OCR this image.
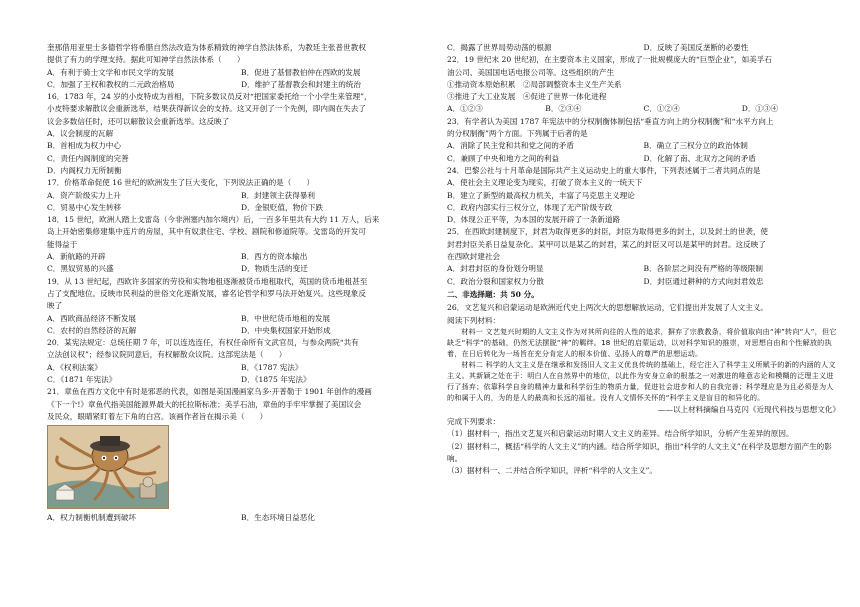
奎那借用亚里士多德哲学将希腊自然法改造为体系精致的神学自然法体系，为教廷主张普世教权

提供了有力的学理支持。据此可知神学自然法体系（　　）

A．有利于骑士文学和市民文学的发展	B．促进了基督教伯仲在西欧的发展
C．加强了王权和教权的二元政治格局	D．维护了基督教会和封建主的统治

16．1783 年，24 岁的小皮特成为首相，下院多数议员反对“把国家委托给一个小学生来管理”，

小皮特要求解散议会重新选举，结果获得新议会的支持。这又开创了一个先例，即内阁在失去了

议会多数信任时，还可以解散议会重新选举。这反映了

A．议会制度的瓦解

B．首相成为权力中心

C．责任内阁制度的完善

D．内阁权力无所制衡

17．价格革命促使 16 世纪的欧洲发生了巨大变化，下列说法正确的是（　　）

A．资产阶级实力上升	B．封建领主获得暴利
C．贸易中心发生转移	D．金银贬值，物价下跌

18．15 世纪，欧洲人踏上戈雷岛（今非洲塞内加尔境内）后，一百多年里共有大约 11 万人，后来

岛上开始密集修建集中连片的房屋，其中有奴隶住宅、学校、剧院和修道院等。戈雷岛的开发可

能得益于

A．新航路的开辟	B．西方的资本输出
C．黑奴贸易的兴盛	D．物质生活的变迁

19．从 13 世纪起，西欧许多国家的劳役和实物地租逐渐被货币地租取代，英国的货币地租甚至

占了支配地位。反映市民利益的世俗文化逐渐发展，睿名论哲学和罗马法开始复兴。这些现象反

映了

A．西欧商品经济不断发展	B．中世纪货币地租的发展
C．农村的自然经济的瓦解	D．中央集权国家开始形成

20．某宪法规定：总统任期 7 年，可以连选连任，有权任命所有文武官员，与参众两院“共有

立法创议权”；经参议院同意后，有权解散众议院。这部宪法是（　　）

A．《权利法案》	B．《1787 宪法》
C．《1871 年宪法》	D．《1875 年宪法》

21．章鱼在西方文化中有时是邪恶的代表，如图是美国漫画家乌多·开普勒于 1901 年创作的漫画

《下一个!》章鱼代指美国能源界最大的托拉斯标准；美孚石油，章鱼的手牢牢掌握了美国议会

及民众，眼睛紧盯着左下角的白宫。该画作者旨在揭示美（　　）

A．权力制衡机制遭到破坏	B．生态环境日益恶化
C．揭露了世界局势动荡的根源	D．反映了美国反垄断的必要性

22．19 世纪末 20 世纪初，在主要资本主义国家，形成了一批规模庞大的“巨型企业”，如美孚石

油公司、美国国电话电报公司等。这些组织的产生

①推动资本原始积累　②局部调整资本主义生产关系

③推进了大工业发展　④促进了世界一体化进程

A．①②③	B．②③④	C．①②④	D．①③④

23．有学者认为美国 1787 年宪法中的分权制衡体制包括“垂直方向上的分权制衡”和“水平方向上

的分权制衡”两个方面。下列属于后者的是

A．消除了民主党和共和党之间的矛盾	B．确立了三权分立的政治体制
C．兼顾了中央和地方之间的利益	D．化解了南、北双方之间的矛盾

24．巴黎公社与十月革命是国际共产主义运动史上的重大事件，下列表述属于二者共同点的是

A．使社会主义理论变为现实，打破了资本主义的一统天下

B．建立了新型的最高权力机关，丰富了马克思主义理论

C．政府内部实行三权分立，体现了无产阶级专政

D．体现公正平等，为本国的发展开辟了一条新道路

25．在西欧封建制度下，封君为取得更多的封臣，封臣为取得更多的封土，以及封土的世袭，使

封君封臣关系日益复杂化。某甲可以是某乙的封君，某乙的封臣又可以是某甲的封君。这反映了

在西欧封建社会

A．封君封臣的身份划分明显	B．各阶层之间没有严格的等级限制
C．政治分裂和国家权力分散	D．封臣通过耕种的方式向封君效忠

二、非选择题：共 50 分。

26．文艺复兴和启蒙运动是欧洲近代史上两次大的思想解放运动，它们提出并发展了人文主义。

阅读下列材料：

材料一 文艺复兴时期的人文主义作为对其所向往的人性的追求，摒弃了宗教教条，将价值取向由“神”转向“人”，但它缺乏“科学”的基础，仍然无法摆脱“神”的羁绊。18 世纪的启蒙运动，以对科学知识的推崇，对思想自由和个性解放的执着，在日后转化为一场旨在充分肯定人的根本价值、弘扬人的尊严的思想运动。

材料二 科学的人文主义是在继承和发扬旧人文主义优良传统的基础上，经它注入了科学主义所赋予的新的内涵的人文主义。其新颖之处在于：明白人在自然界中的地位，以此作为安身立命的根基之一对激进的唯意志论和模糊的泛理主义进行了扬弃；依靠科学自身的精神力量和科学衍生的物质力量，促进社会进步和人的自我完善；科学理应是为且必须是为人的和属于人的，为的是人的最高和长远的福祉。没有人文情怀关怀的“科学主义是盲目的和异化的。

——以上材料摘编自马克闪《近现代科技与思想文化》

完成下列要求：

（1）据材料一，指出文艺复兴和启蒙运动时期人文主义的差异。结合所学知识，分析产生差异的原因。

（2）据材料二，概括“科学的人文主义”的内涵。结合所学知识，指出“科学的人文主义”在科学及思想方面产生的影响。

（3）据材料一、二并结合所学知识，评析“科学的人文主义”。
